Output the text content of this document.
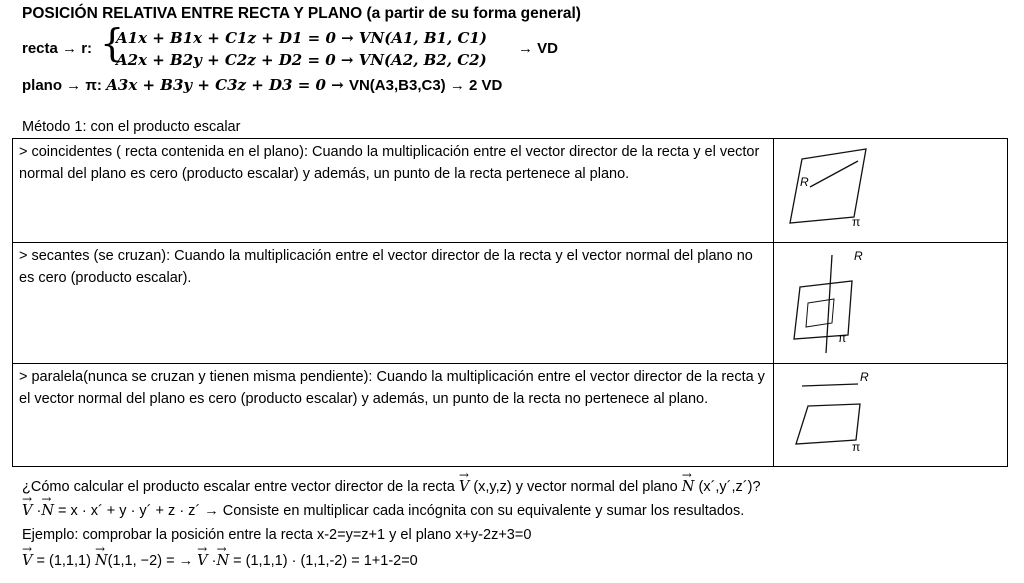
POSICIÓN RELATIVA ENTRE RECTA Y PLANO (a partir de su forma general)
recta → r: {
A1x + B1x + C1z + D1 = 0 → VN(A1, B1, C1)
A2x + B2y + C2z + D2 = 0 → VN(A2, B2, C2)
→ VD
plano → π: A3x + B3y + C3z + D3 = 0 → VN(A3,B3,C3) → 2 VD
Método 1: con el producto escalar
> coincidentes ( recta contenida en el plano): Cuando la multiplicación entre el vector director de la recta y el vector normal del plano es cero (producto escalar) y además, un punto de la recta pertenece al plano.	R
π

> secantes (se cruzan): Cuando la multiplicación entre el vector director de la recta y el vector normal del plano no es cero (producto escalar).	R
π

> paralela(nunca se cruzan y tienen misma pendiente): Cuando la multiplicación entre el vector director de la recta y el vector normal del plano es cero (producto escalar) y además, un punto de la recta no pertenece al plano.	R
π
¿Cómo calcular el producto escalar entre vector director de la recta → V (x,y,z) y vector normal del plano → N (x´,y´,z´)?
→ V ·→ N = x · x´ + y · y´ + z · z´ → Consiste en multiplicar cada incógnita con su equivalente y sumar los resultados.
Ejemplo: comprobar la posición entre la recta x-2=y=z+1 y el plano x+y-2z+3=0
→ V = (1,1,1) → N(1,1, −2) = → → V ·→ N = (1,1,1) · (1,1,-2) = 1+1-2=0
